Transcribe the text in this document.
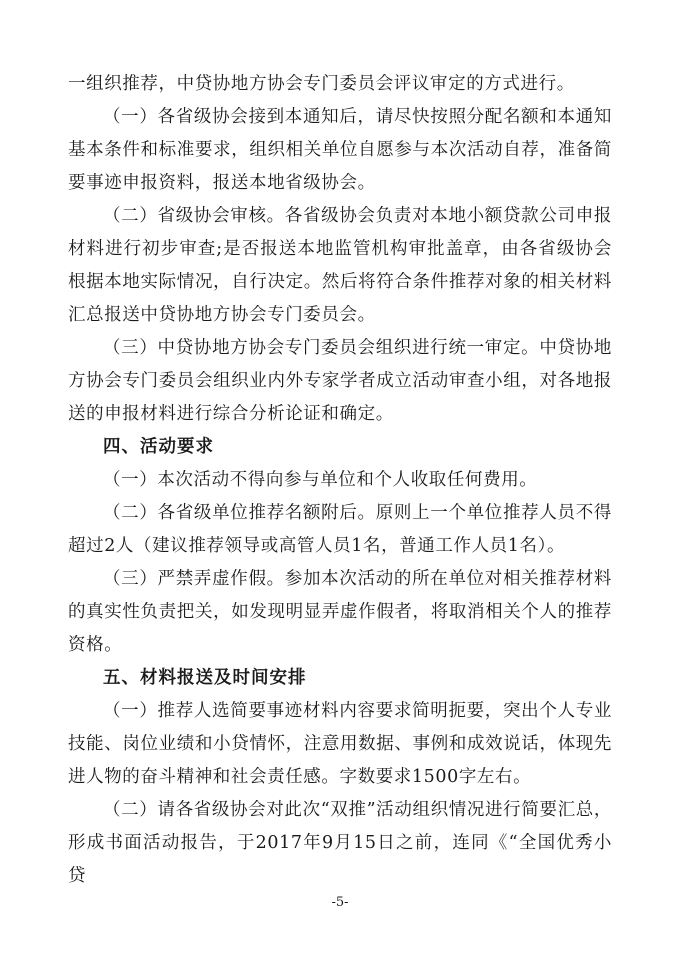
一组织推荐，中贷协地方协会专门委员会评议审定的方式进行。

（一）各省级协会接到本通知后，请尽快按照分配名额和本通知基本条件和标准要求，组织相关单位自愿参与本次活动自荐，准备简要事迹申报资料，报送本地省级协会。

（二）省级协会审核。各省级协会负责对本地小额贷款公司申报材料进行初步审查;是否报送本地监管机构审批盖章，由各省级协会根据本地实际情况，自行决定。然后将符合条件推荐对象的相关材料汇总报送中贷协地方协会专门委员会。

（三）中贷协地方协会专门委员会组织进行统一审定。中贷协地方协会专门委员会组织业内外专家学者成立活动审查小组，对各地报送的申报材料进行综合分析论证和确定。

四、活动要求

（一）本次活动不得向参与单位和个人收取任何费用。

（二）各省级单位推荐名额附后。原则上一个单位推荐人员不得超过2人（建议推荐领导或高管人员1名，普通工作人员1名）。

（三）严禁弄虚作假。参加本次活动的所在单位对相关推荐材料的真实性负责把关，如发现明显弄虚作假者，将取消相关个人的推荐资格。

五、材料报送及时间安排

（一）推荐人选简要事迹材料内容要求简明扼要，突出个人专业技能、岗位业绩和小贷情怀，注意用数据、事例和成效说话，体现先进人物的奋斗精神和社会责任感。字数要求1500字左右。

（二）请各省级协会对此次“双推”活动组织情况进行简要汇总，形成书面活动报告，于2017年9月15日之前，连同《“全国优秀小贷

-5-
